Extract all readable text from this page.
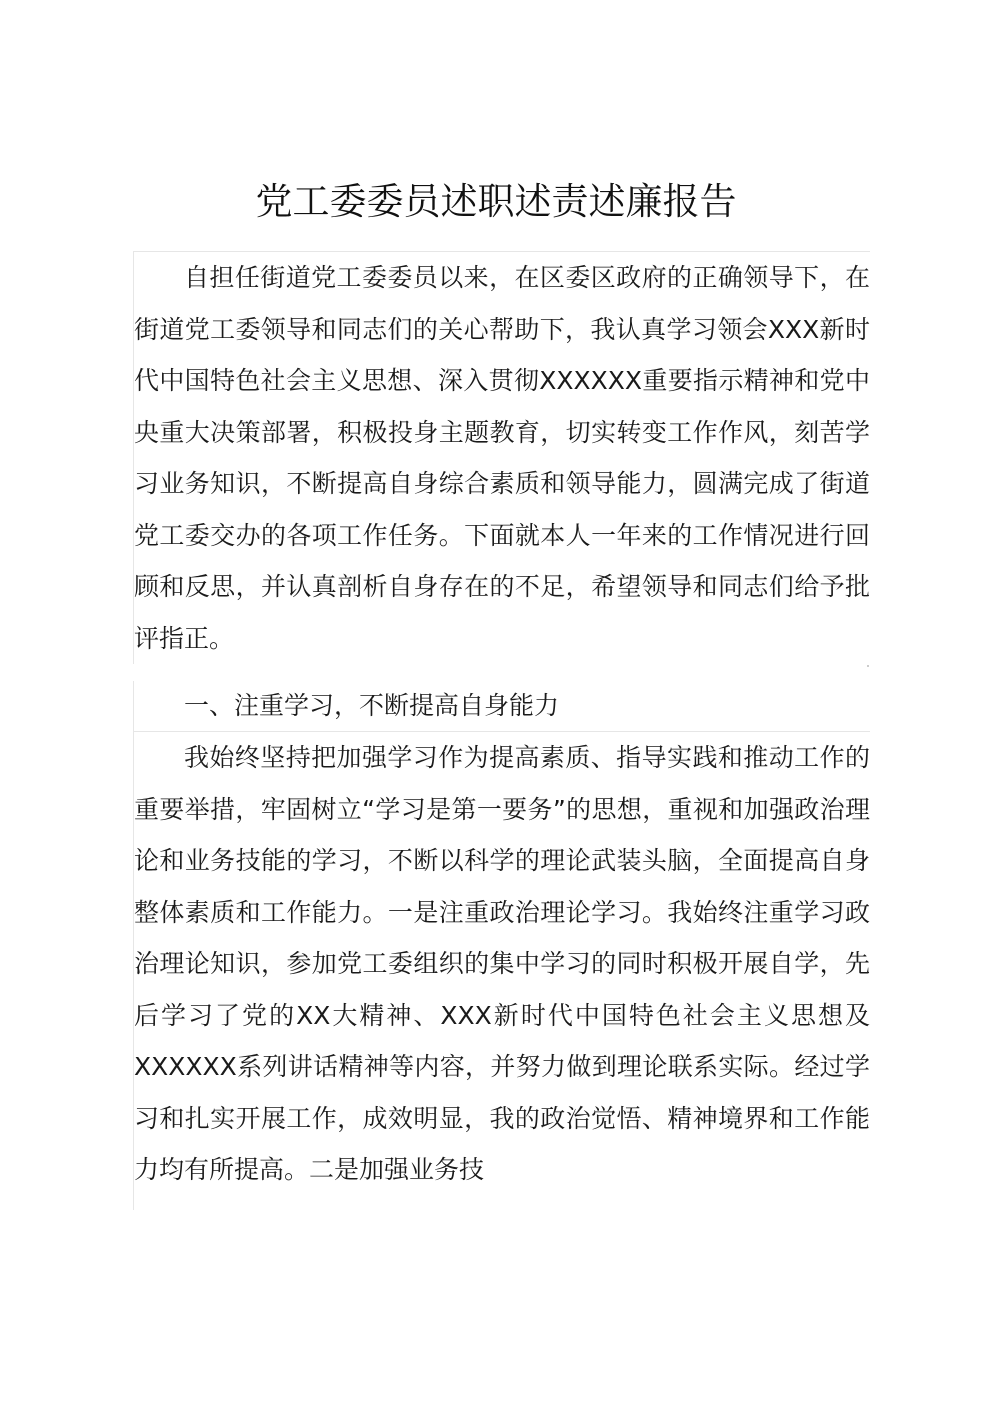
党工委委员述职述责述廉报告

自担任街道党工委委员以来，在区委区政府的正确领导下，在街道党工委领导和同志们的关心帮助下，我认真学习领会XXX新时代中国特色社会主义思想、深入贯彻XXXXXX重要指示精神和党中央重大决策部署，积极投身主题教育，切实转变工作作风，刻苦学习业务知识，不断提高自身综合素质和领导能力，圆满完成了街道党工委交办的各项工作任务。下面就本人一年来的工作情况进行回顾和反思，并认真剖析自身存在的不足，希望领导和同志们给予批评指正。

一、注重学习，不断提高自身能力

我始终坚持把加强学习作为提高素质、指导实践和推动工作的重要举措，牢固树立“学习是第一要务”的思想，重视和加强政治理论和业务技能的学习，不断以科学的理论武装头脑，全面提高自身整体素质和工作能力。一是注重政治理论学习。我始终注重学习政治理论知识，参加党工委组织的集中学习的同时积极开展自学，先后学习了党的XX大精神、XXX新时代中国特色社会主义思想及XXXXXX系列讲话精神等内容，并努力做到理论联系实际。经过学习和扎实开展工作，成效明显，我的政治觉悟、精神境界和工作能力均有所提高。二是加强业务技
